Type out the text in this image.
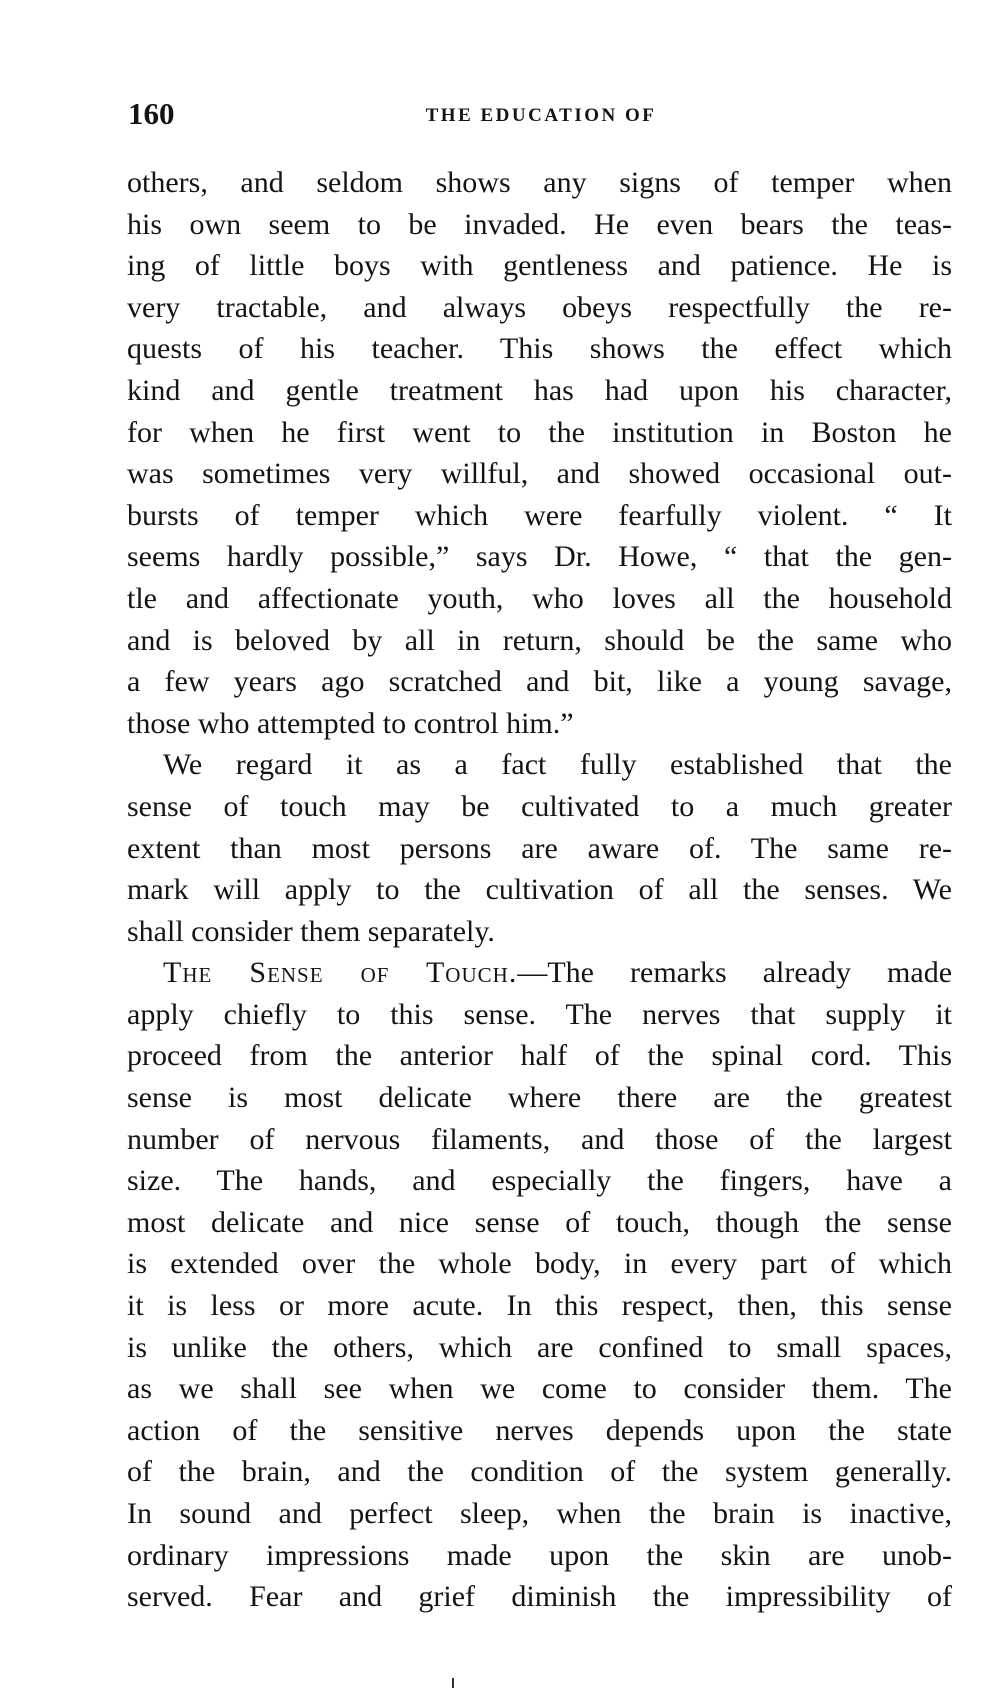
160	THE EDUCATION OF
others, and seldom shows any signs of temper when
his own seem to be invaded. He even bears the teas-
ing of little boys with gentleness and patience. He is
very tractable, and always obeys respectfully the re-
quests of his teacher. This shows the effect which
kind and gentle treatment has had upon his character,
for when he first went to the institution in Boston he
was sometimes very willful, and showed occasional out-
bursts of temper which were fearfully violent. “ It
seems hardly possible,” says Dr. Howe, “ that the gen-
tle and affectionate youth, who loves all the household
and is beloved by all in return, should be the same who
a few years ago scratched and bit, like a young savage,
those who attempted to control him.”
We regard it as a fact fully established that the
sense of touch may be cultivated to a much greater
extent than most persons are aware of. The same re-
mark will apply to the cultivation of all the senses. We
shall consider them separately.
The Sense of Touch.—The remarks already made
apply chiefly to this sense. The nerves that supply it
proceed from the anterior half of the spinal cord. This
sense is most delicate where there are the greatest
number of nervous filaments, and those of the largest
size. The hands, and especially the fingers, have a
most delicate and nice sense of touch, though the sense
is extended over the whole body, in every part of which
it is less or more acute. In this respect, then, this sense
is unlike the others, which are confined to small spaces,
as we shall see when we come to consider them. The
action of the sensitive nerves depends upon the state
of the brain, and the condition of the system generally.
In sound and perfect sleep, when the brain is inactive,
ordinary impressions made upon the skin are unob-
served. Fear and grief diminish the impressibility of
